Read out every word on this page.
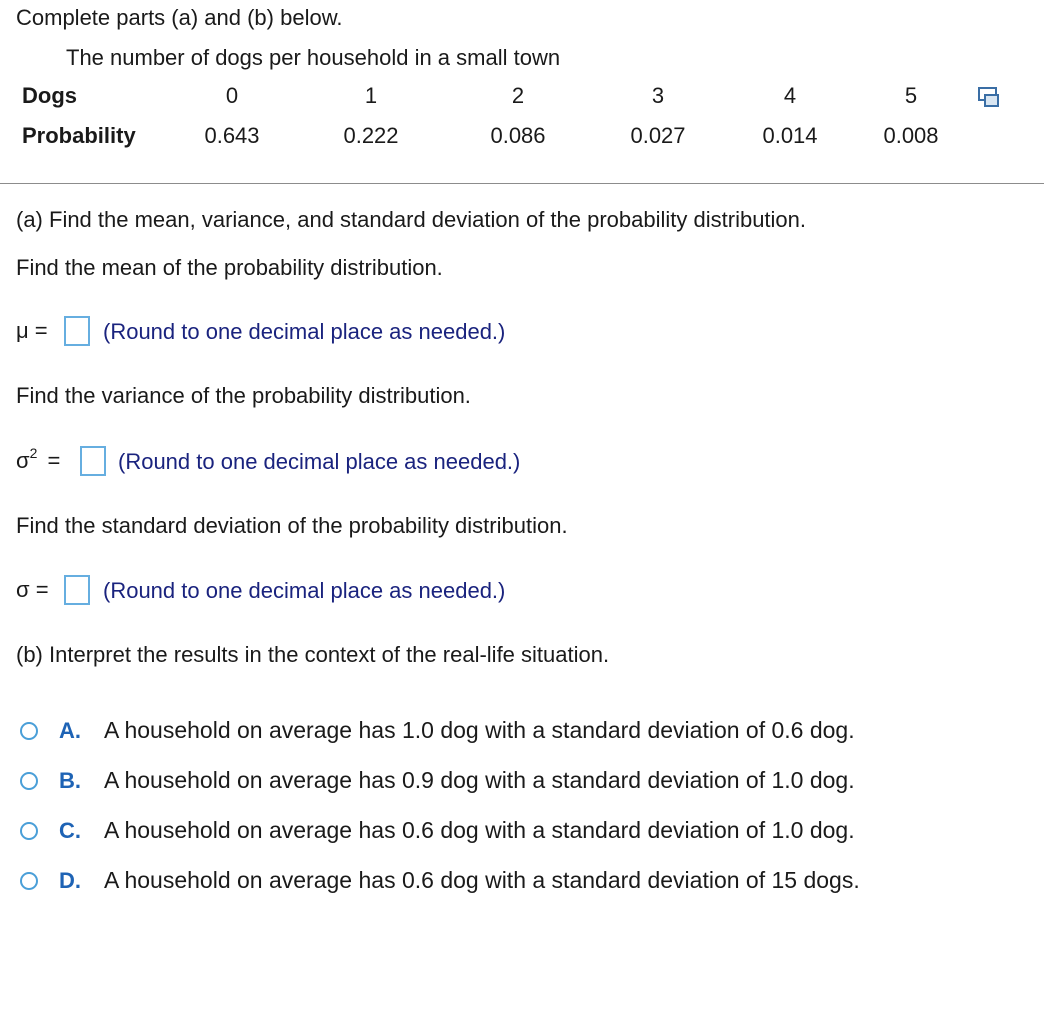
Complete parts (a) and (b) below.
The number of dogs per household in a small town
Dogs	0	1	2	3	4	5
Probability	0.643	0.222	0.086	0.027	0.014	0.008
(a) Find the mean, variance, and standard deviation of the probability distribution.
Find the mean of the probability distribution.
μ =	(Round to one decimal place as needed.)
Find the variance of the probability distribution.
$\sigma^2$ =	(Round to one decimal place as needed.)
Find the standard deviation of the probability distribution.
σ = (Round to one decimal place as needed.)
(b) Interpret the results in the context of the real-life situation.
A. A household on average has 1.0 dog with a standard deviation of 0.6 dog.
B. A household on average has 0.9 dog with a standard deviation of 1.0 dog.
C. A household on average has 0.6 dog with a standard deviation of 1.0 dog.
D. A household on average has 0.6 dog with a standard deviation of 15 dogs.
